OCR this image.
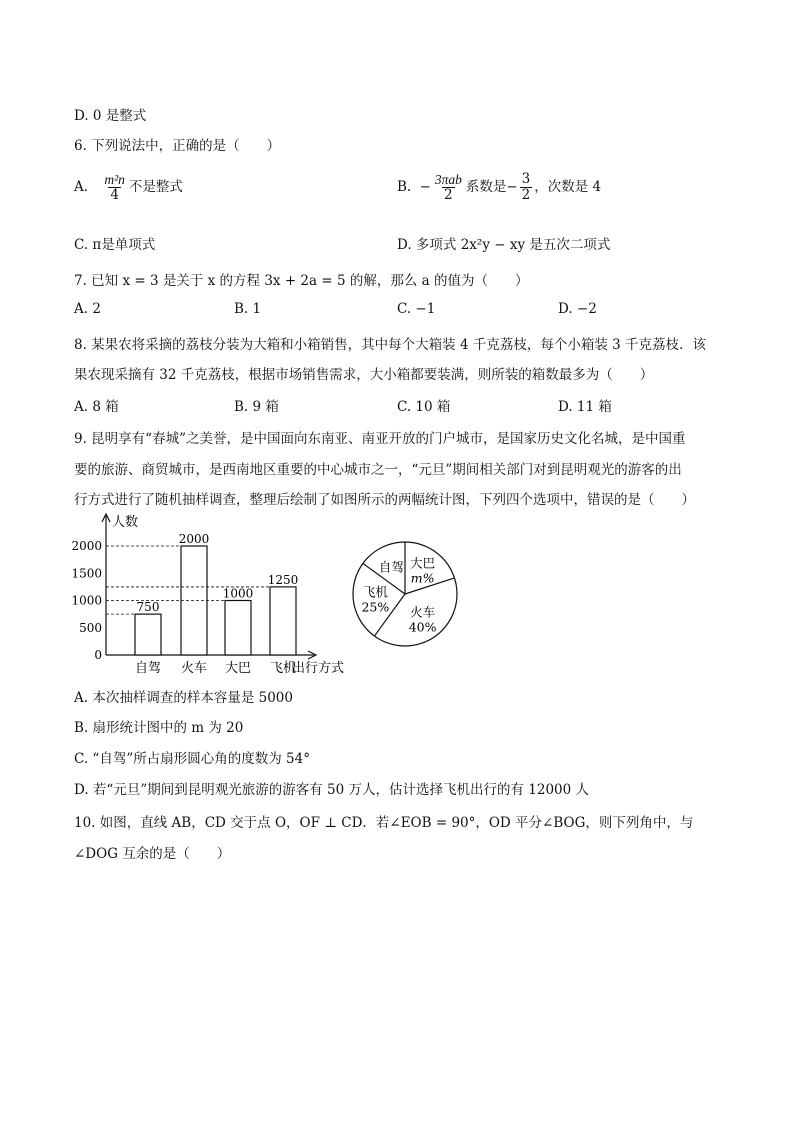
D. 0 是整式
6. 下列说法中，正确的是（　　）
A. $\frac{\text{m²n}}{4}$ 不是整式	B. − $\frac{\text{3πab}}{2}$ 系数是− $\frac{3}{2}$ ，次数是 4
C. π是单项式	D. 多项式 2x²y − xy 是五次二项式
7. 已知 x = 3 是关于 x 的方程 3x + 2a = 5 的解，那么 a 的值为（　　）
A. 2	B. 1	C. −1	D. −2
8. 某果农将采摘的荔枝分装为大箱和小箱销售，其中每个大箱装 4 千克荔枝，每个小箱装 3 千克荔枝．该
果农现采摘有 32 千克荔枝，根据市场销售需求，大小箱都要装满，则所装的箱数最多为（　　）
A. 8 箱	B. 9 箱	C. 10 箱	D. 11 箱
9. 昆明享有“春城”之美誉，是中国面向东南亚、南亚开放的门户城市，是国家历史文化名城，是中国重
要的旅游、商贸城市，是西南地区重要的中心城市之一，“元旦”期间相关部门对到昆明观光的游客的出
行方式进行了随机抽样调查，整理后绘制了如图所示的两幅统计图，下列四个选项中，错误的是（　　）
人数
0
500
1000
1500
2000
750
自驾
2000
火车
1000
大巴
1250
飞机
出行方式
大巴
m%
火车
40%
飞机
25%
自驾
A. 本次抽样调查的样本容量是 5000
B. 扇形统计图中的 m 为 20
C. “自驾”所占扇形圆心角的度数为 54°
D. 若“元旦”期间到昆明观光旅游的游客有 50 万人，估计选择飞机出行的有 12000 人
10. 如图，直线 AB，CD 交于点 O，OF ⊥ CD．若∠EOB = 90°，OD 平分∠BOG，则下列角中，与
∠DOG 互余的是（　　）
